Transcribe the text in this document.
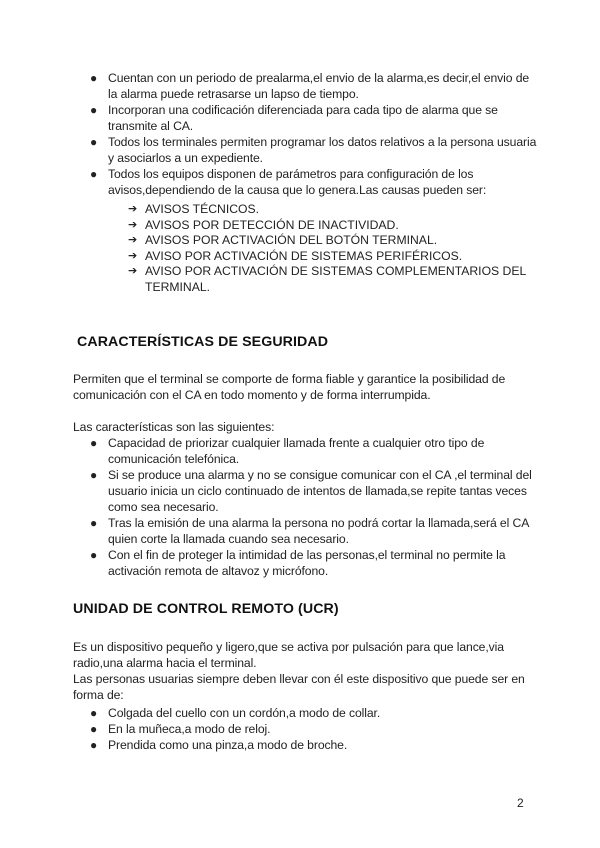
● Cuentan con un periodo de prealarma,el envio de la alarma,es decir,el envio de la alarma puede retrasarse un lapso de tiempo.
● Incorporan una codificación diferenciada para cada tipo de alarma que se transmite al CA.
● Todos los terminales permiten programar los datos relativos a la persona usuaria y asociarlos a un expediente.
● Todos los equipos disponen de parámetros para configuración de los avisos,dependiendo de la causa que lo genera.Las causas pueden ser:
➔ AVISOS TÉCNICOS.
➔ AVISOS POR DETECCIÓN DE INACTIVIDAD.
➔ AVISOS POR ACTIVACIÓN DEL BOTÓN TERMINAL.
➔ AVISO POR ACTIVACIÓN DE SISTEMAS PERIFÉRICOS.
➔ AVISO POR ACTIVACIÓN DE SISTEMAS COMPLEMENTARIOS DEL TERMINAL.
CARACTERÍSTICAS DE SEGURIDAD
Permiten que el terminal se comporte de forma fiable y garantice la posibilidad de comunicación con el CA en todo momento y de forma interrumpida.
Las características son las siguientes:
● Capacidad de priorizar cualquier llamada frente a cualquier otro tipo de comunicación telefónica.
● Si se produce una alarma y no se consigue comunicar con el CA ,el terminal del usuario inicia un ciclo continuado de intentos de llamada,se repite tantas veces como sea necesario.
● Tras la emisión de una alarma la persona no podrá cortar la llamada,será el CA quien corte la llamada cuando sea necesario.
● Con el fin de proteger la intimidad de las personas,el terminal no permite la activación remota de altavoz y micrófono.
UNIDAD DE CONTROL REMOTO (UCR)
Es un dispositivo pequeño y ligero,que se activa por pulsación para que lance,via radio,una alarma hacia el terminal.
Las personas usuarias siempre deben llevar con él este dispositivo que puede ser en forma de:
● Colgada del cuello con un cordón,a modo de collar.
● En la muñeca,a modo de reloj.
● Prendida como una pinza,a modo de broche.
2
